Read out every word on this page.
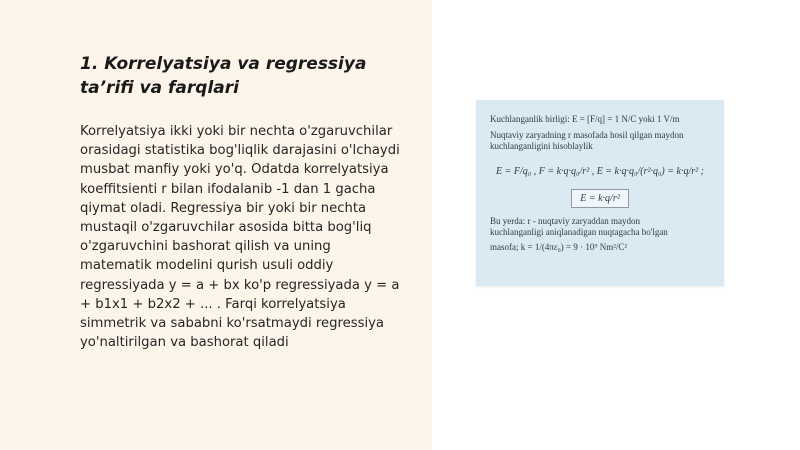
1. Korrelyatsiya va regressiya ta’rifi va farqlari

Korrelyatsiya ikki yoki bir nechta o'zgaruvchilar orasidagi statistika bog'liqlik darajasini o'lchaydi musbat manfiy yoki yo'q. Odatda korrelyatsiya koeffitsienti r bilan ifodalanib -1 dan 1 gacha qiymat oladi. Regressiya bir yoki bir nechta mustaqil o'zgaruvchilar asosida bitta bog'liq o'zgaruvchini bashorat qilish va uning matematik modelini qurish usuli oddiy regressiyada y = a + bx ko'p regressiyada y = a + b1x1 + b2x2 + ... . Farqi korrelyatsiya simmetrik va sababni ko'rsatmaydi regressiya yo'naltirilgan va bashorat qiladi

Kuchlanganlik birligi: E = [F/q] = 1 N/C yoki 1 V/m
Nuqtaviy zaryadning r masofada hosil qilgan maydon
kuchlanganligini hisoblaylik
E = F/q₀ , F = k·q·q₀/r² , E = k·q·q₀/(r²·q₀) = k·q/r² ;
E = k·q/r²
Bu yerda: r - nuqtaviy zaryaddan maydon
kuchlanganligi aniqlanadigan nuqtagacha bo'lgan
masofa; k = 1/(4πε₀) = 9 · 10⁹ Nm²/C²
